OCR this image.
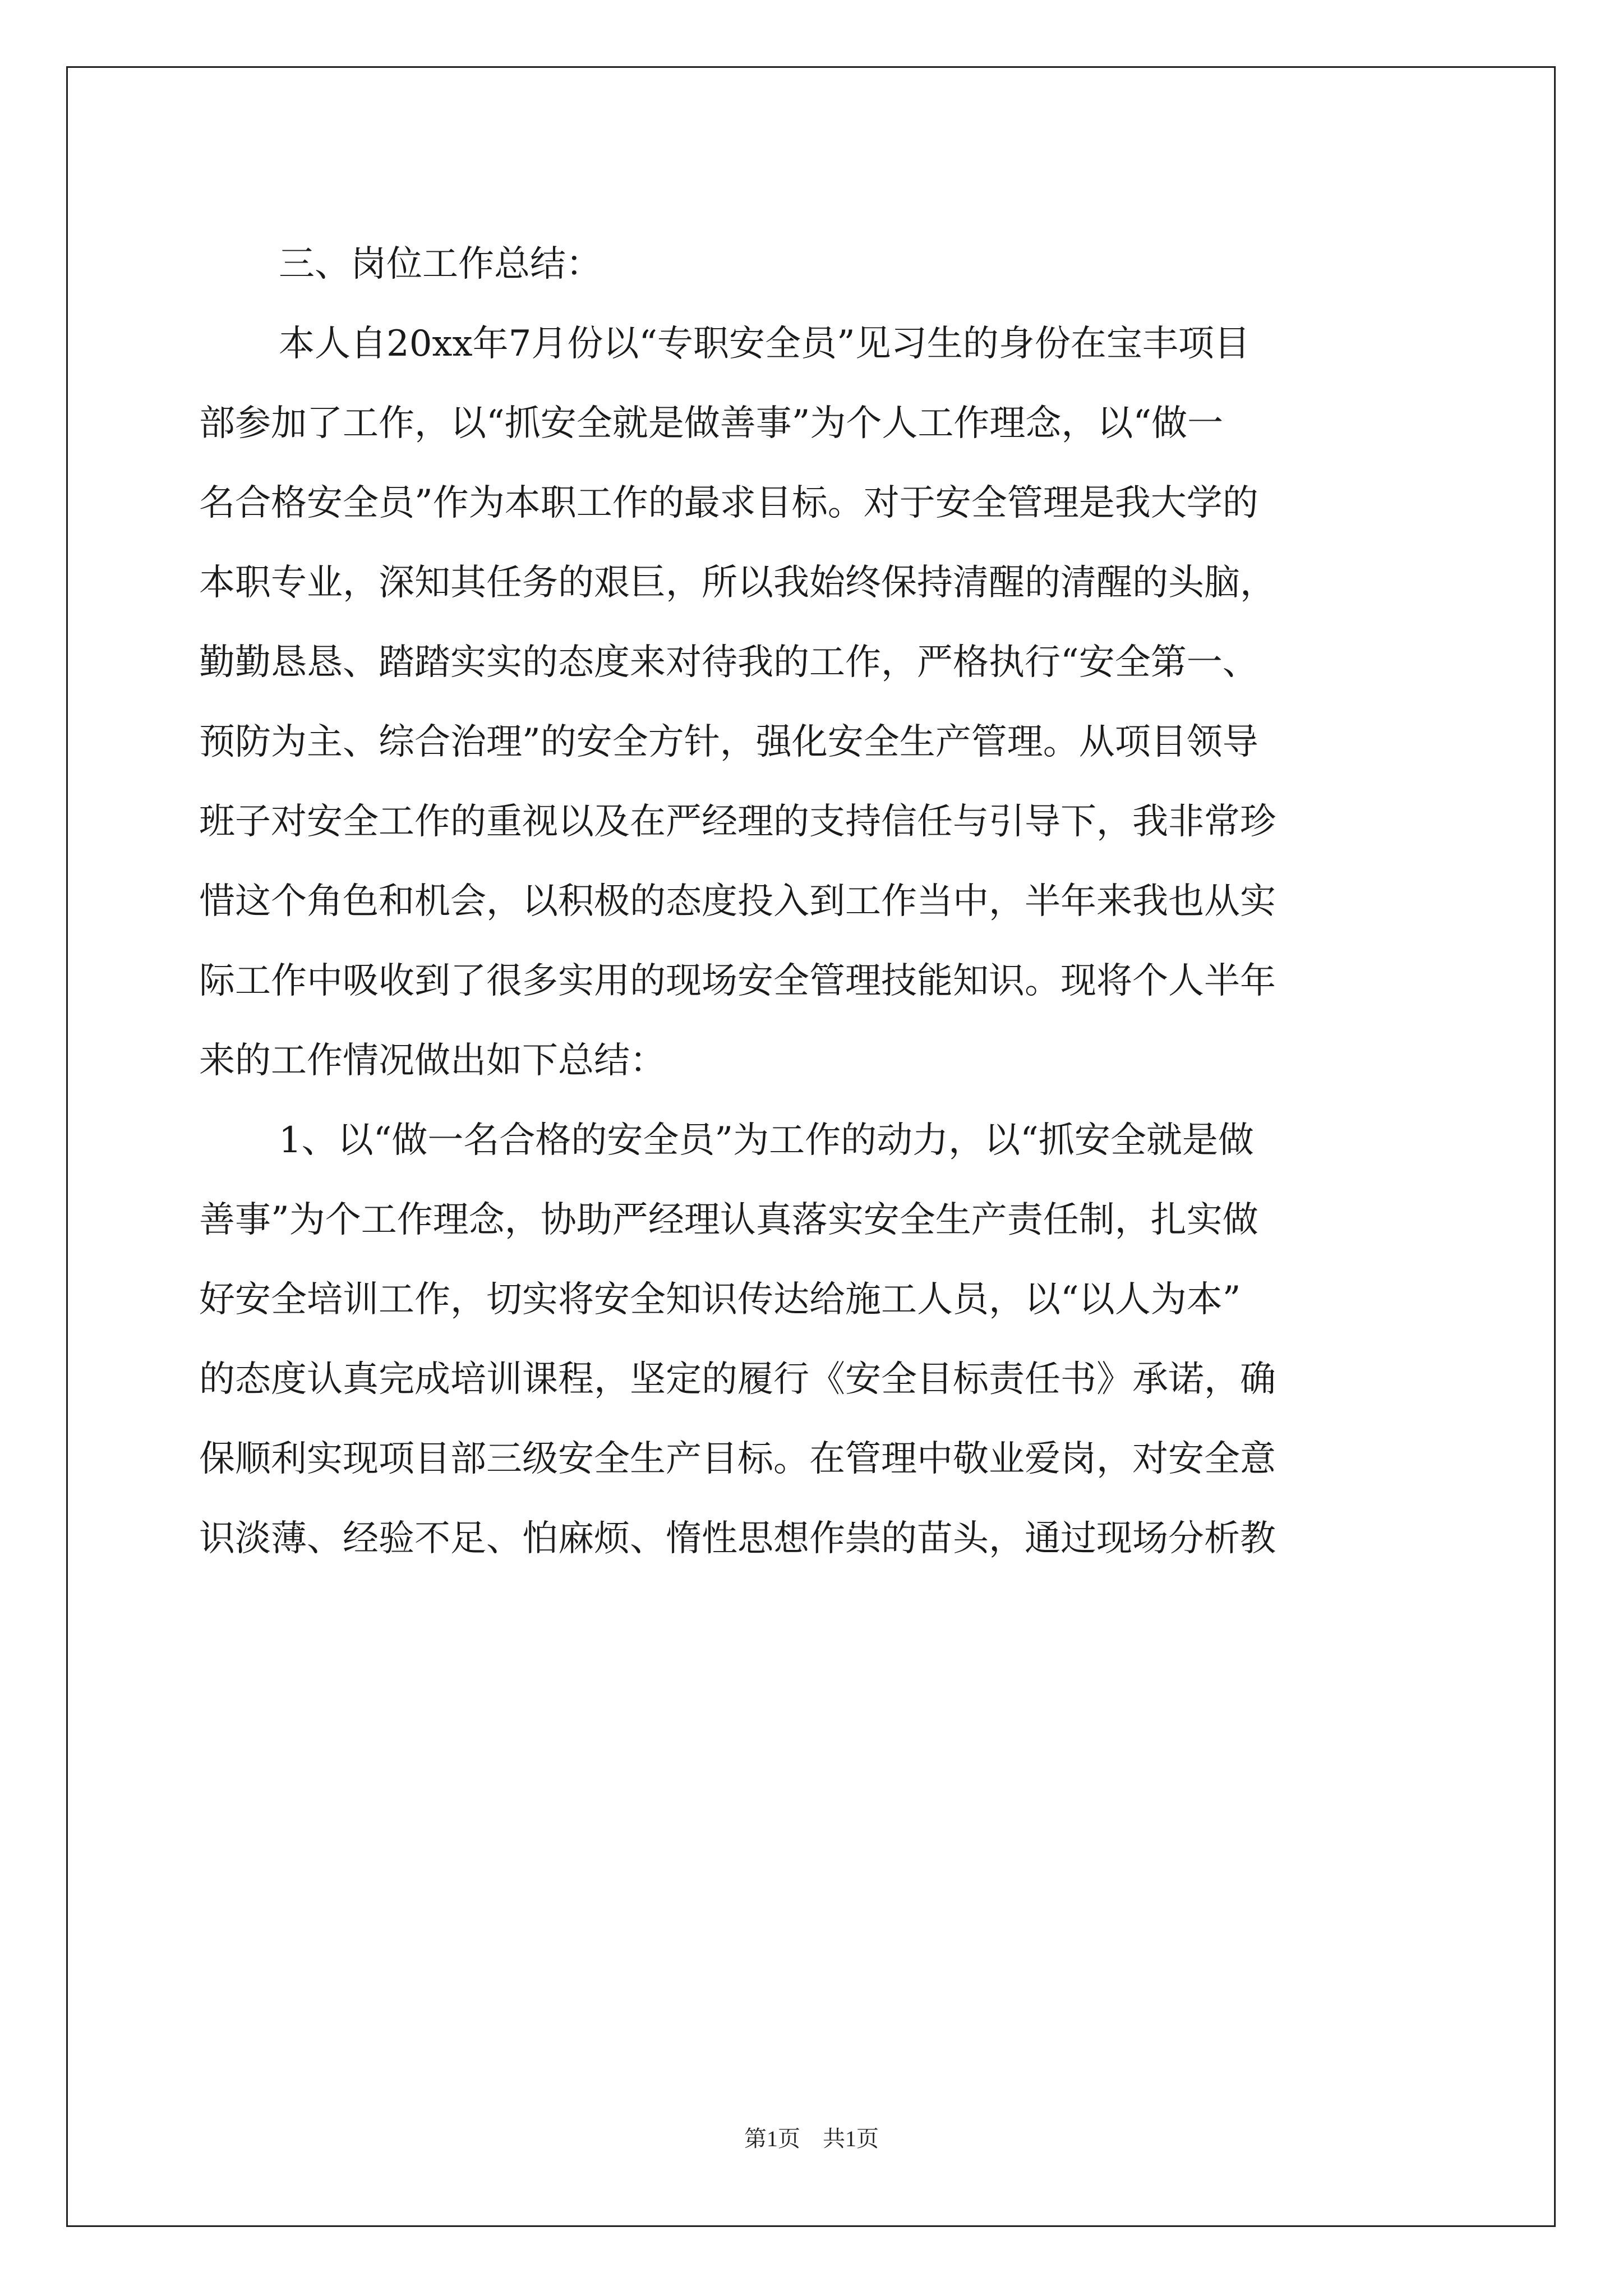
三、岗位工作总结：
本人自20xx年7月份以“专职安全员”见习生的身份在宝丰项目
部参加了工作，以“抓安全就是做善事”为个人工作理念，以“做一
名合格安全员”作为本职工作的最求目标。对于安全管理是我大学的
本职专业，深知其任务的艰巨，所以我始终保持清醒的清醒的头脑，
勤勤恳恳、踏踏实实的态度来对待我的工作，严格执行“安全第一、
预防为主、综合治理”的安全方针，强化安全生产管理。从项目领导
班子对安全工作的重视以及在严经理的支持信任与引导下，我非常珍
惜这个角色和机会，以积极的态度投入到工作当中，半年来我也从实
际工作中吸收到了很多实用的现场安全管理技能知识。现将个人半年
来的工作情况做出如下总结：
1、以“做一名合格的安全员”为工作的动力，以“抓安全就是做
善事”为个工作理念，协助严经理认真落实安全生产责任制，扎实做
好安全培训工作，切实将安全知识传达给施工人员，以“以人为本”
的态度认真完成培训课程，坚定的履行《安全目标责任书》承诺，确
保顺利实现项目部三级安全生产目标。在管理中敬业爱岗，对安全意
识淡薄、经验不足、怕麻烦、惰性思想作祟的苗头，通过现场分析教
第1页　共1页
